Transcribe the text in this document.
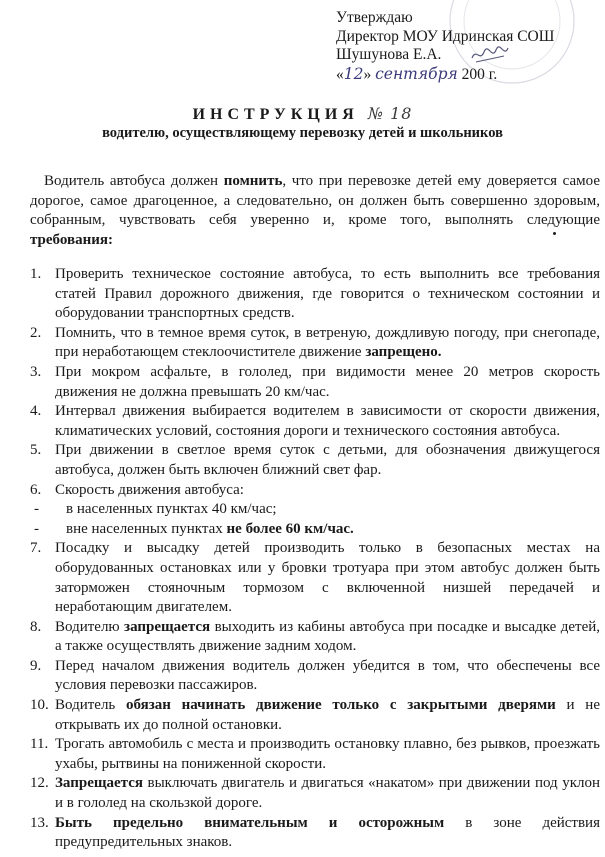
Утверждаю
Директор МОУ Идринская СОШ
Шушунова Е.А.
«12» сентября 200 г.
ИНСТРУКЦИЯ № 18
водителю, осуществляющему перевозку детей и школьников
Водитель автобуса должен помнить, что при перевозке детей ему доверяется самое дорогое, самое драгоценное, а следовательно, он должен быть совершенно здоровым, собранным, чувствовать себя уверенно и, кроме того, выполнять следующие требования:
1. Проверить техническое состояние автобуса, то есть выполнить все требования статей Правил дорожного движения, где говорится о техническом состоянии и оборудовании транспортных средств.
2. Помнить, что в темное время суток, в ветреную, дождливую погоду, при снегопаде, при неработающем стеклоочистителе движение запрещено.
3. При мокром асфальте, в гололед, при видимости менее 20 метров скорость движения не должна превышать 20 км/час.
4. Интервал движения выбирается водителем в зависимости от скорости движения, климатических условий, состояния дороги и технического состояния автобуса.
5. При движении в светлое время суток с детьми, для обозначения движущегося автобуса, должен быть включен ближний свет фар.
6. Скорость движения автобуса:
-	в населенных пунктах 40 км/час;
-	вне населенных пунктах не более 60 км/час.
7. Посадку и высадку детей производить только в безопасных местах на оборудованных остановках или у бровки тротуара при этом автобус должен быть заторможен стояночным тормозом с включенной низшей передачей и неработающим двигателем.
8. Водителю запрещается выходить из кабины автобуса при посадке и высадке детей, а также осуществлять движение задним ходом.
9. Перед началом движения водитель должен убедится в том, что обеспечены все условия перевозки пассажиров.
10. Водитель обязан начинать движение только с закрытыми дверями и не открывать их до полной остановки.
11. Трогать автомобиль с места и производить остановку плавно, без рывков, проезжать ухабы, рытвины на пониженной скорости.
12. Запрещается выключать двигатель и двигаться «накатом» при движении под уклон и в гололед на скользкой дороге.
13. Быть предельно внимательным и осторожным в зоне действия предупредительных знаков.
